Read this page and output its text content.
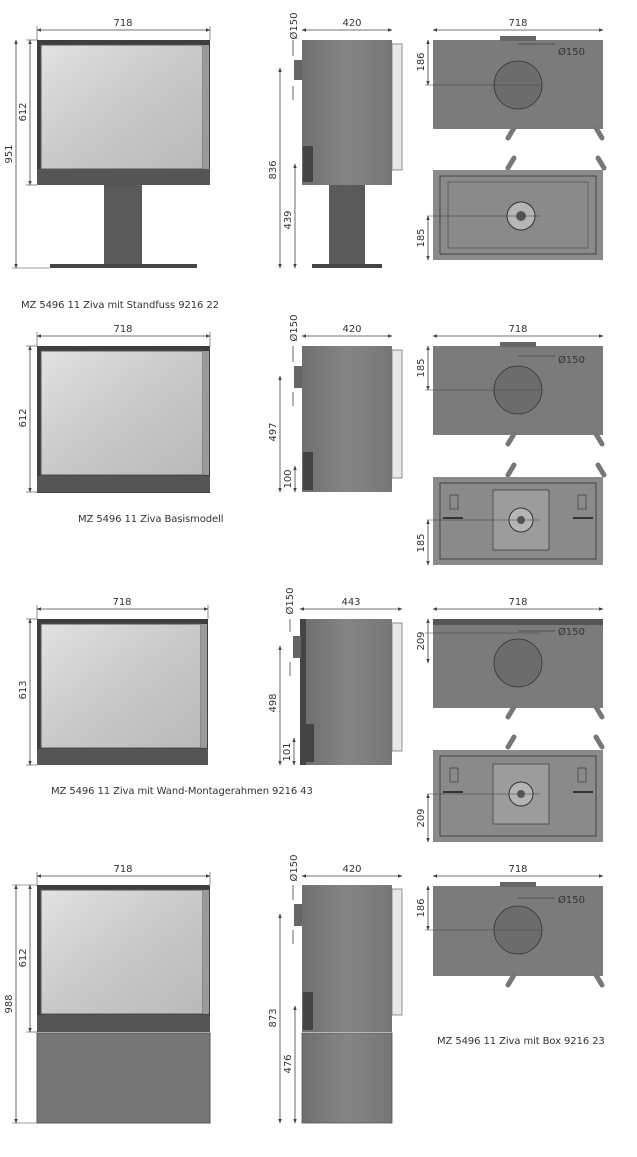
718
612
951
420
Ø150
836
439
718
Ø150
186
185
718
612
420
Ø150
497
100
718
Ø150
185
185
718
613
443
Ø150
498
101
718
Ø150
209
209
718
612
988
420
Ø150
873
476
718
Ø150
186
MZ 5496 11 Ziva mit Standfuss 9216 22
MZ 5496 11 Ziva Basismodell
MZ 5496 11 Ziva mit Wand-Montagerahmen 9216 43
MZ 5496 11 Ziva mit Box 9216 23
